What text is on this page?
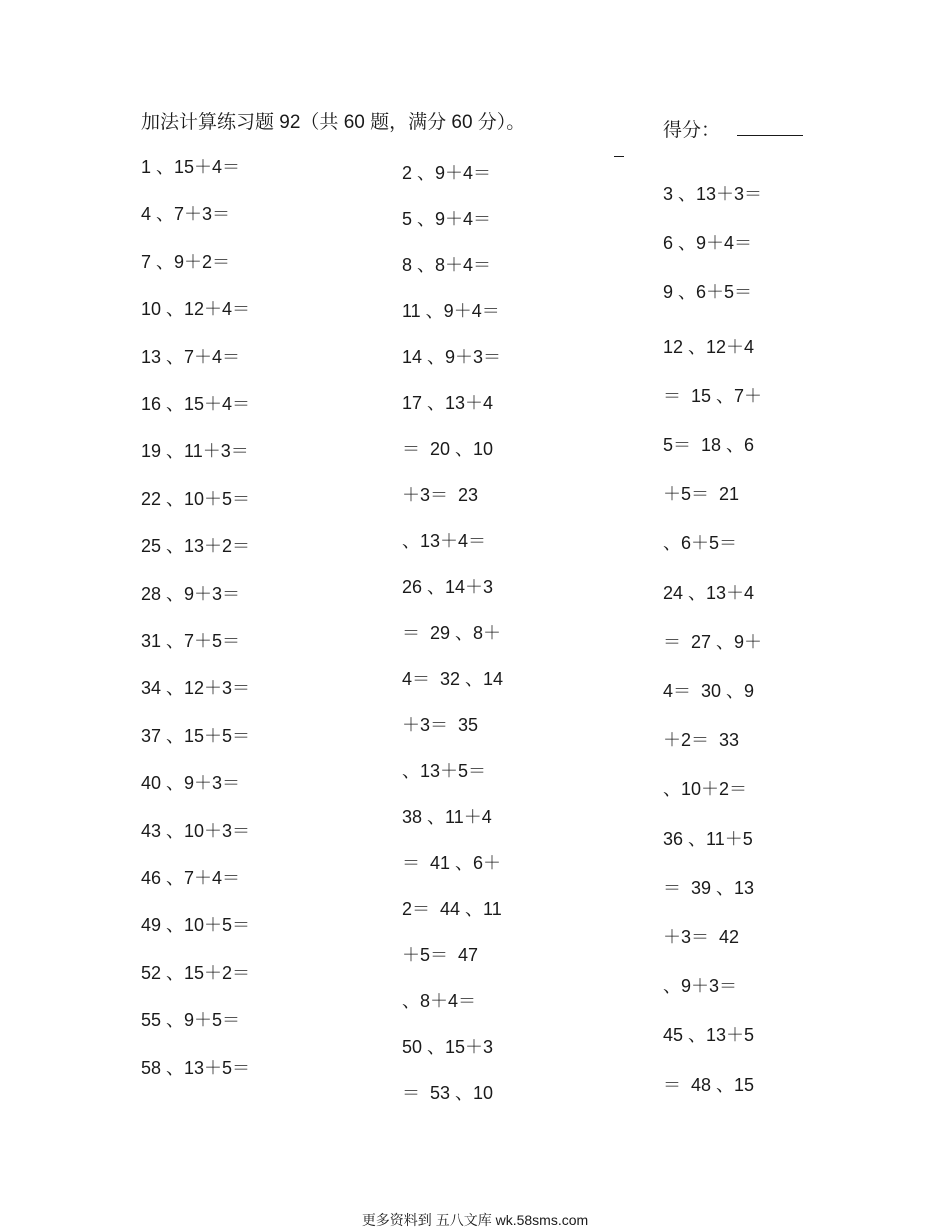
加法计算练习题 92（共 60 题，满分 60 分）。	得分：
1 、15＋4＝
4 、7＋3＝
7 、9＋2＝
10 、12＋4＝
13 、7＋4＝
16 、15＋4＝
19 、11＋3＝
22 、10＋5＝
25 、13＋2＝
28 、9＋3＝
31 、7＋5＝
34 、12＋3＝
37 、15＋5＝
40 、9＋3＝
43 、10＋3＝
46 、7＋4＝
49 、10＋5＝
52 、15＋2＝
55 、9＋5＝
58 、13＋5＝
2 、9＋4＝
5 、9＋4＝
8 、8＋4＝
11 、9＋4＝
14 、9＋3＝
17 、13＋4
＝  20 、10
＋3＝  23
、13＋4＝
26 、14＋3
＝  29 、8＋
4＝  32 、14
＋3＝  35
、13＋5＝
38 、11＋4
＝  41 、6＋
2＝  44 、11
＋5＝  47
、8＋4＝
50 、15＋3
＝  53 、10
3 、13＋3＝
6 、9＋4＝
9 、6＋5＝
12 、12＋4
＝  15 、7＋
5＝  18 、6
＋5＝  21
、6＋5＝
24 、13＋4
＝  27 、9＋
4＝  30 、9
＋2＝  33
、10＋2＝
36 、11＋5
＝  39 、13
＋3＝  42
、9＋3＝
45 、13＋5
＝  48 、15
更多资料到 五八文库 wk.58sms.com
